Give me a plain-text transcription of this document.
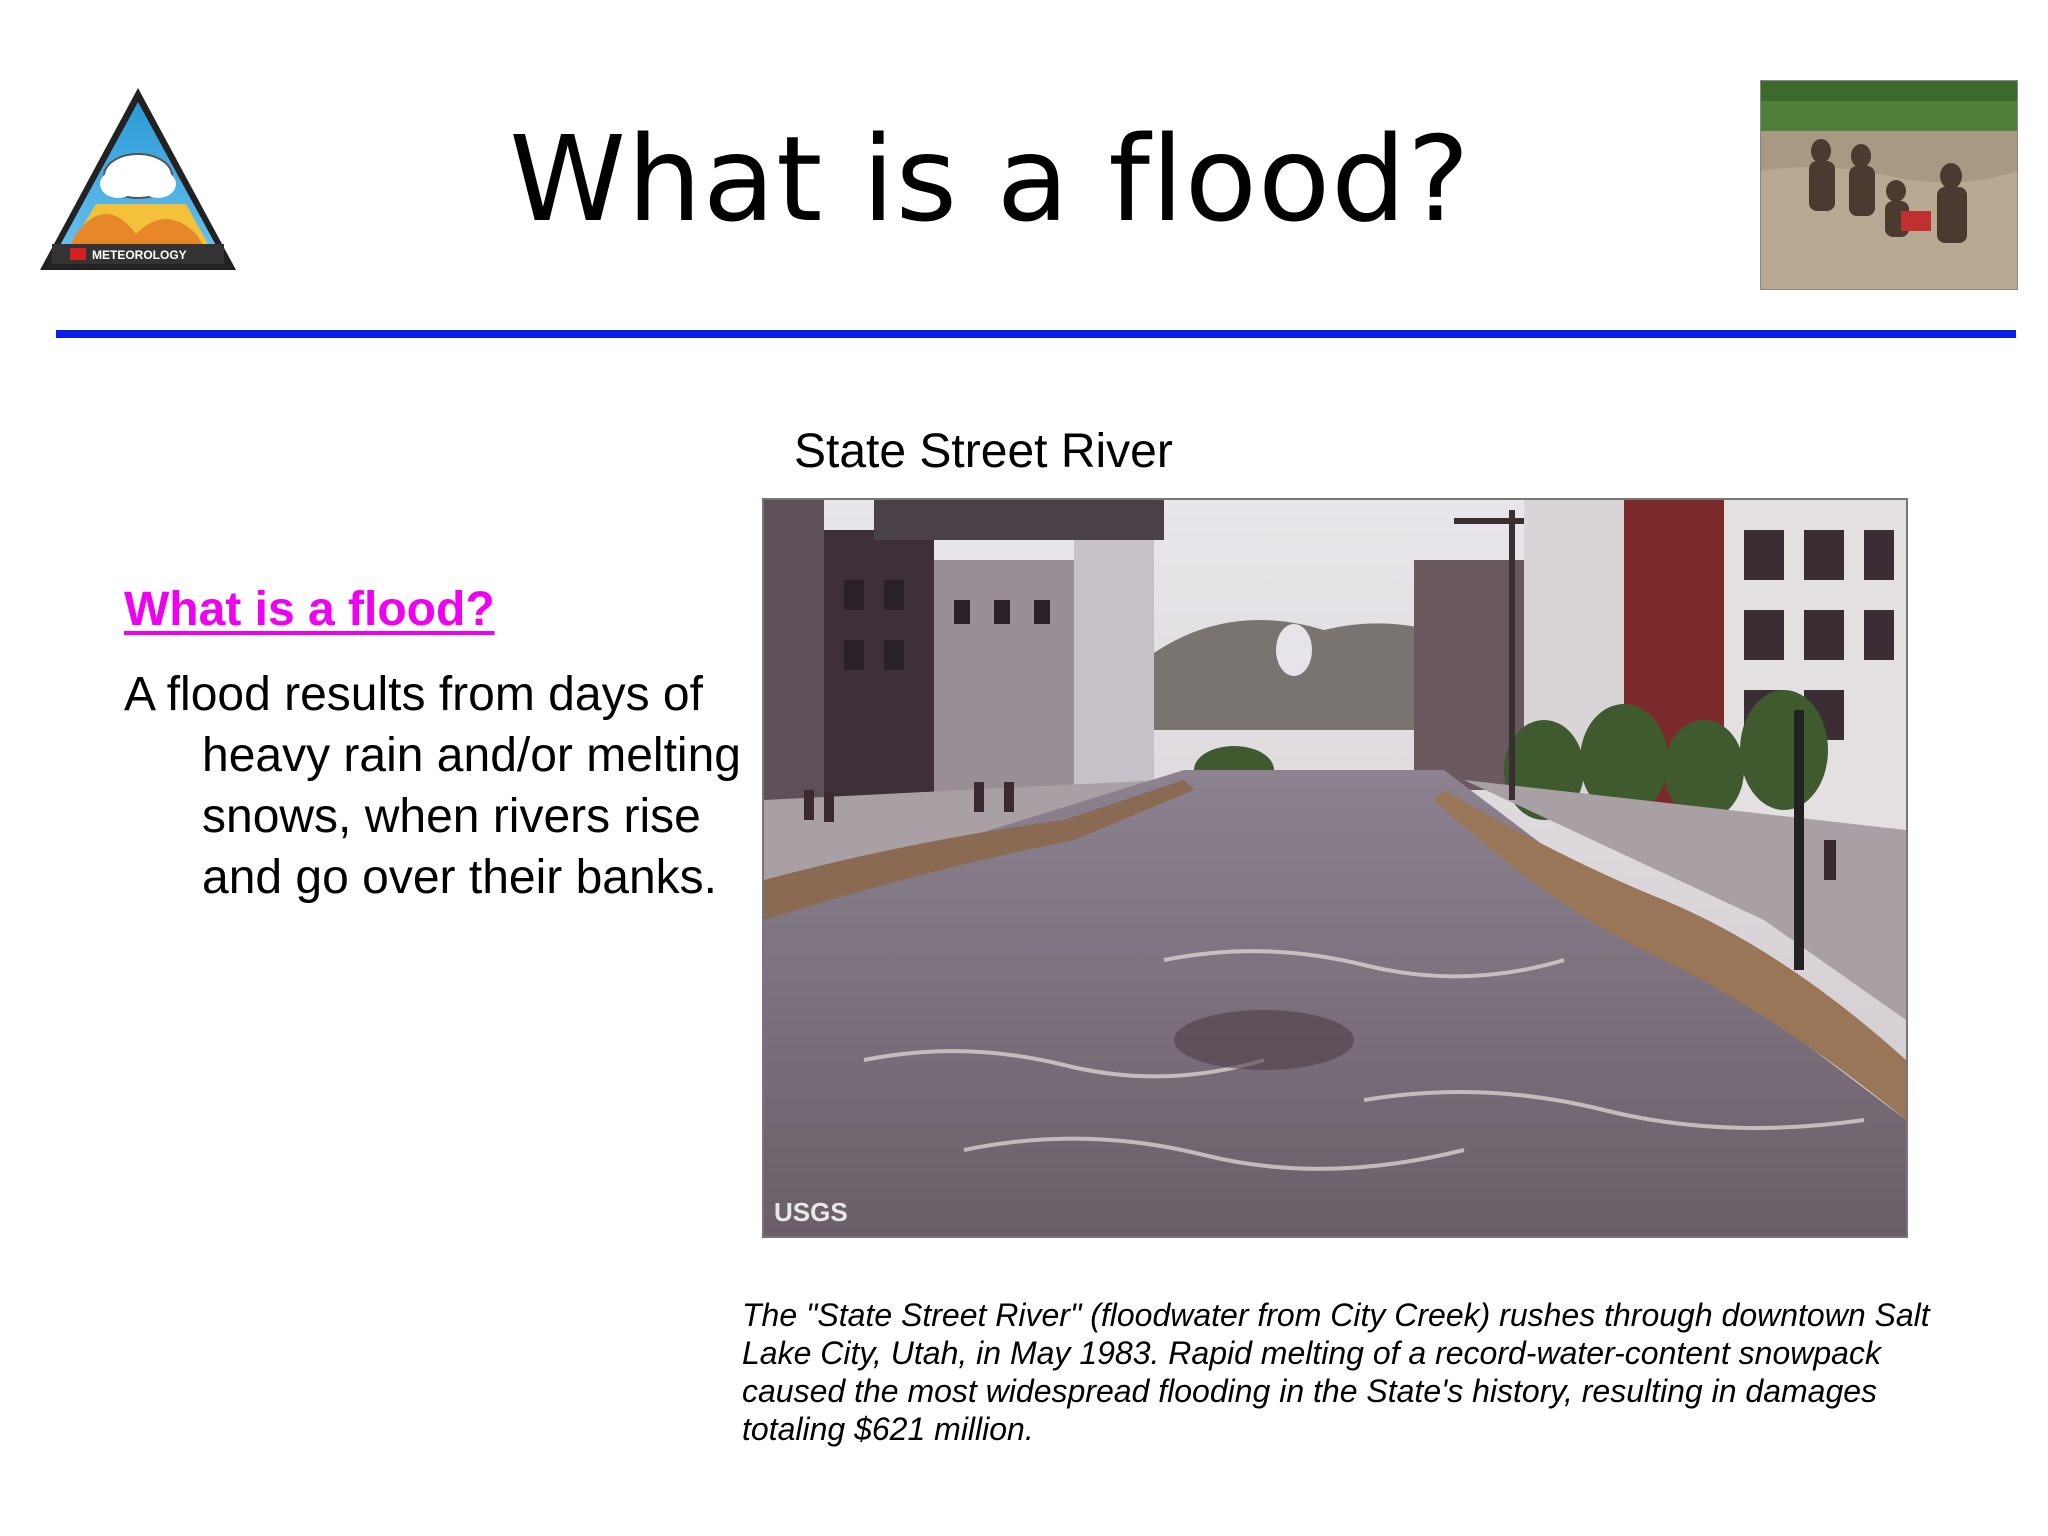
METEOROLOGY
What is a flood?
What is a flood?

A flood results from days of heavy rain and/or melting snows, when rivers rise and go over their banks.

State Street River

USGS

The "State Street River" (floodwater from City Creek) rushes through downtown Salt Lake City, Utah, in May 1983. Rapid melting of a record-water-content snowpack caused the most widespread flooding in the State's history, resulting in damages totaling $621 million.
